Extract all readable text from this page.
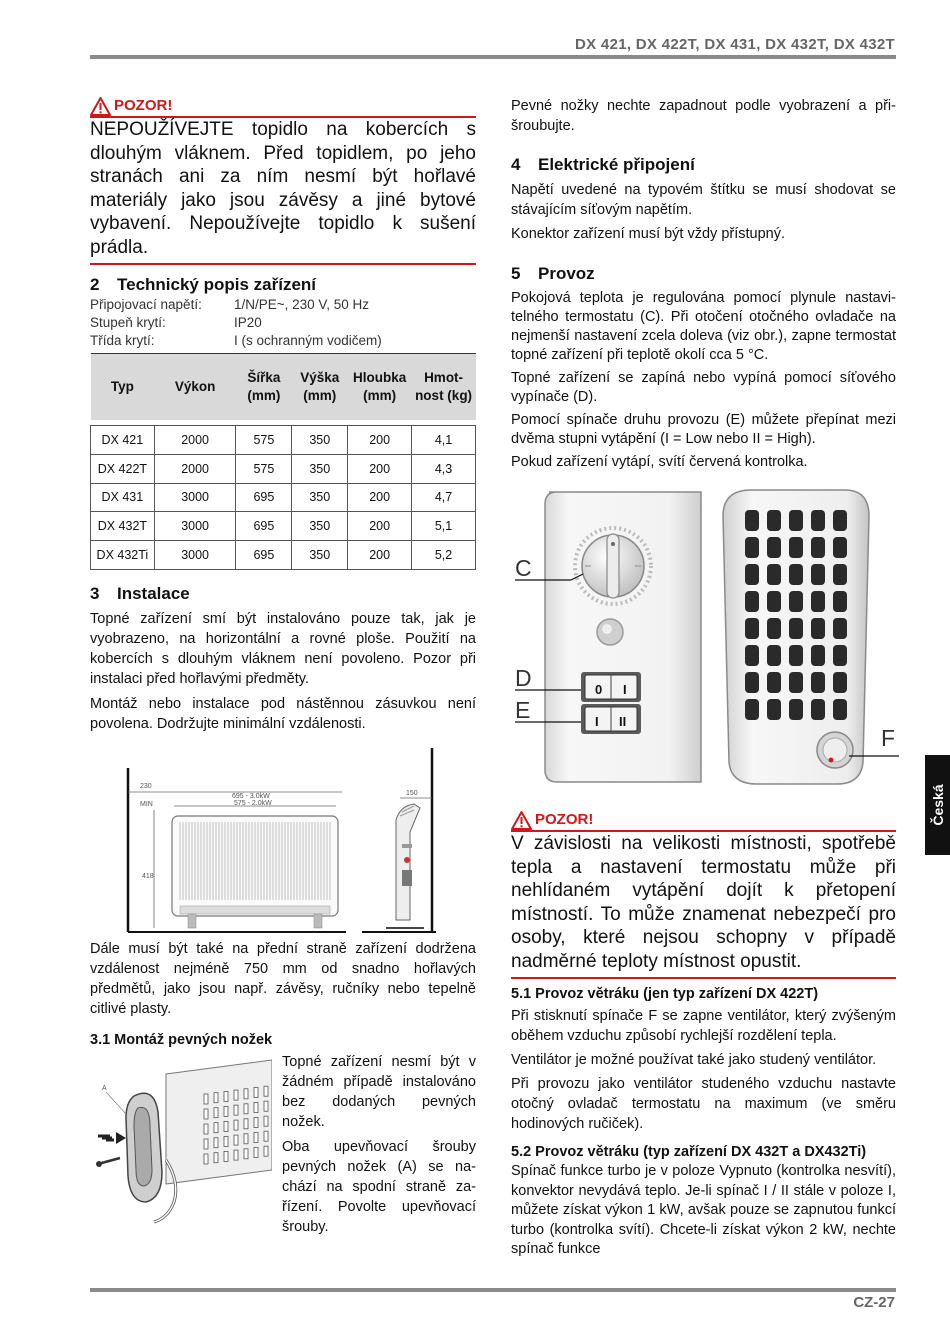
DX 421, DX 422T, DX 431, DX 432T, DX 432T
Česká
POZOR!

NEPOUŽÍVEJTE topidlo na kobercích s dlouhým vláknem. Před topidlem, po jeho stranách ani za ním nesmí být hořlavé materiály jako jsou závěsy a jiné bytové vybavení. Nepoužívejte topidlo k sušení prádla.

2 Technický popis zařízení
Připojovací napětí:	1/N/PE~, 230 V, 50 Hz
Stupeň krytí:	IP20
Třída krytí:	I (s ochranným vodičem)
Typ	Výkon	Šířka (mm)	Výška (mm)	Hloubka (mm)	Hmot-nost (kg)

DX 421	2000	575	350	200	4,1
DX 422T	2000	575	350	200	4,3
DX 431	3000	695	350	200	4,7
DX 432T	3000	695	350	200	5,1
DX 432Ti	3000	695	350	200	5,2
3 Instalace

Topné zařízení smí být instalováno pouze tak, jak je vyobrazeno, na horizontální a rovné ploše. Použití na kobercích s dlouhým vláknem není povoleno. Pozor při instalaci před hořlavými předměty.

Montáž nebo instalace pod nástěnnou zásuvkou není povolena. Dodržujte minimální vzdálenosti.

230
MIN
695 - 3.0kW
575 - 2.0kW
150
418

Dále musí být také na přední straně zařízení dodržena vzdálenost nejméně 750 mm od snadno hořlavých předmětů, jako jsou např. závěsy, ručníky nebo tepelně citlivé plasty.

3.1 Montáž pevných nožek

Topné zařízení nesmí být v žádném případě instalováno bez dodaných pevných nožek.

Oba upevňovací šrouby pevných nožek (A) se nachází na spodní straně zařízení. Povolte upevňovací šrouby.

A

Pevné nožky nechte zapadnout podle vyobrazení a přišroubujte.

4 Elektrické připojení

Napětí uvedené na typovém štítku se musí shodovat se stávajícím síťovým napětím.

Konektor zařízení musí být vždy přístupný.

5 Provoz

Pokojová teplota je regulována pomocí plynule nastavitelného termostatu (C). Při otočení otočného ovladače na nejmenší nastavení zcela doleva (viz obr.), zapne termostat topné zařízení při teplotě okolí cca 5 °C.

Topné zařízení se zapíná nebo vypíná pomocí síťového vypínače (D).

Pomocí spínače druhu provozu (E) můžete přepínat mezi dvěma stupni vytápění (I = Low nebo II = High).

Pokud zařízení vytápí, svítí červená kontrolka.

0 I
I II
C
D
E
F
POZOR!

V závislosti na velikosti místnosti, spotřebě tepla a nastavení termostatu může při nehlídaném vytápění dojít k přetopení místností. To může znamenat nebezpečí pro osoby, které nejsou schopny v případě nadměrné teploty místnost opustit.

5.1 Provoz větráku (jen typ zařízení DX 422T)

Při stisknutí spínače F se zapne ventilátor, který zvýšeným oběhem vzduchu způsobí rychlejší rozdělení tepla.

Ventilátor je možné používat také jako studený ventilátor.

Při provozu jako ventilátor studeného vzduchu nastavte otočný ovladač termostatu na maximum (ve směru hodinových ručiček).

5.2 Provoz větráku (typ zařízení DX 432T a DX432Ti)

Spínač funkce turbo je v poloze Vypnuto (kontrolka nesvítí), konvektor nevydává teplo. Je-li spínač I / II stále v poloze I, můžete získat výkon 1 kW, avšak pouze se zapnutou funkcí turbo (kontrolka svítí). Chcete-li získat výkon 2 kW, nechte spínač funkce

CZ-27
